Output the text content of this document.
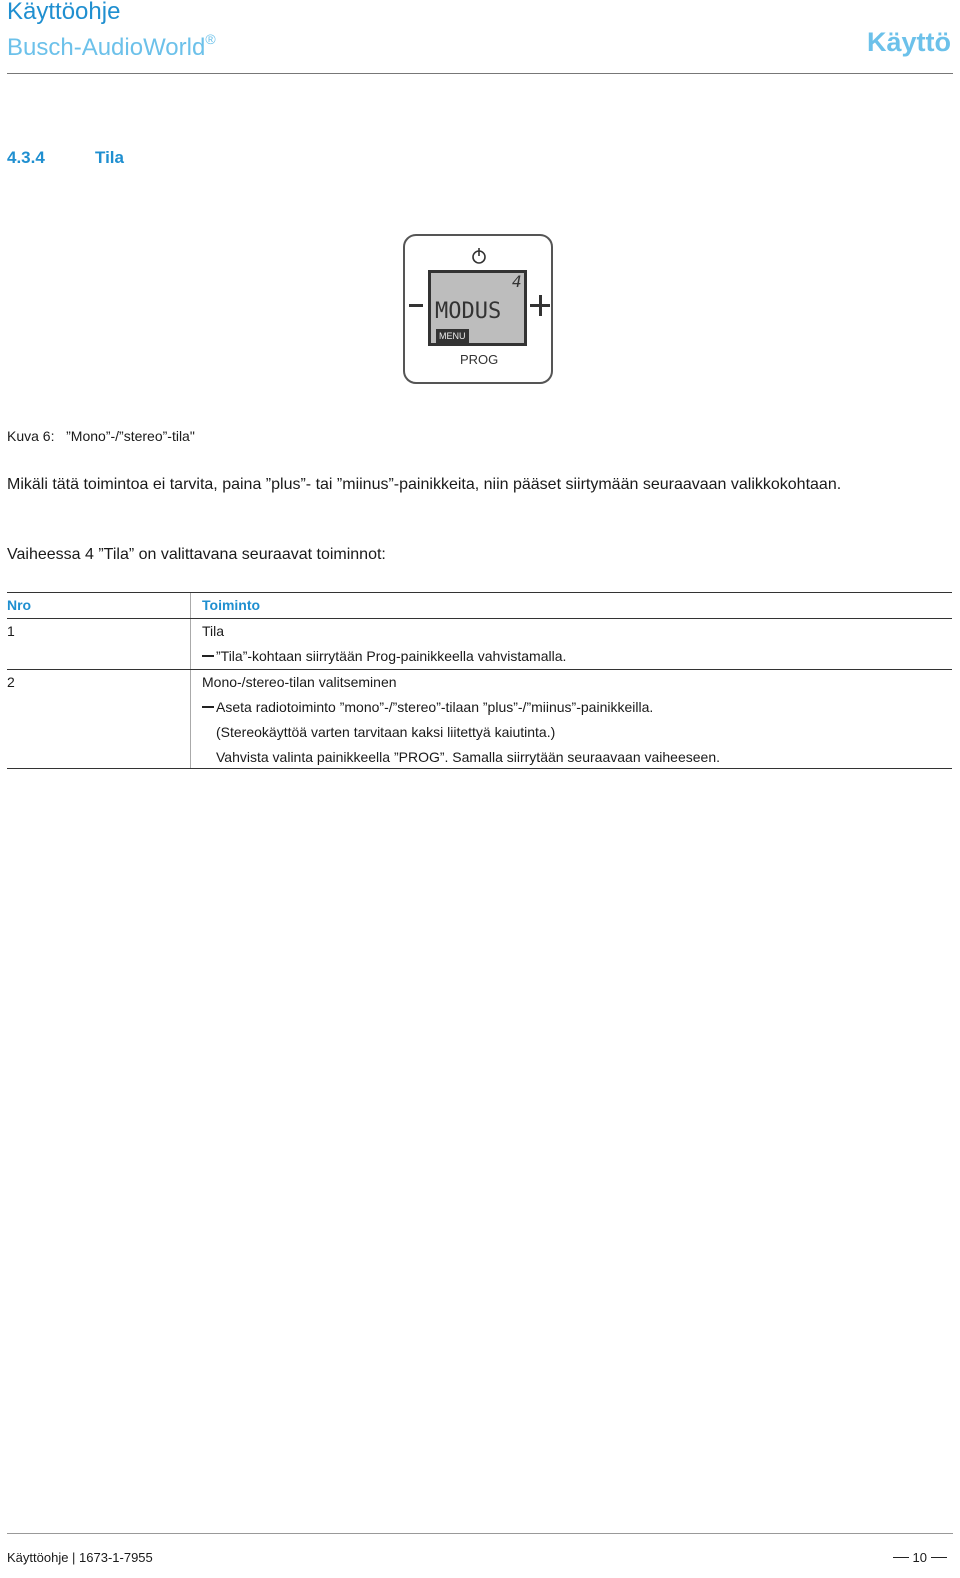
Käyttöohje
Busch-AudioWorld®	Käyttö
4.3.4	Tila
4
MODUS
MENU
PROG
Kuva 6:   ”Mono”-/”stereo”-tila"
Mikäli tätä toimintoa ei tarvita, paina ”plus”- tai ”miinus”-painikkeita, niin pääset siirtymään seuraavaan valikkokohtaan.
Vaiheessa 4 ”Tila” on valittavana seuraavat toiminnot:
Nro	Toiminto
1	Tila
”Tila”-kohtaan siirrytään Prog-painikkeella vahvistamalla.
2	Mono-/stereo-tilan valitseminen
Aseta radiotoiminto ”mono”-/”stereo”-tilaan ”plus”-/”miinus”-painikkeilla.
(Stereokäyttöä varten tarvitaan kaksi liitettyä kaiutinta.)
Vahvista valinta painikkeella ”PROG”. Samalla siirrytään seuraavaan vaiheeseen.
Käyttöohje | 1673-1-7955	10
